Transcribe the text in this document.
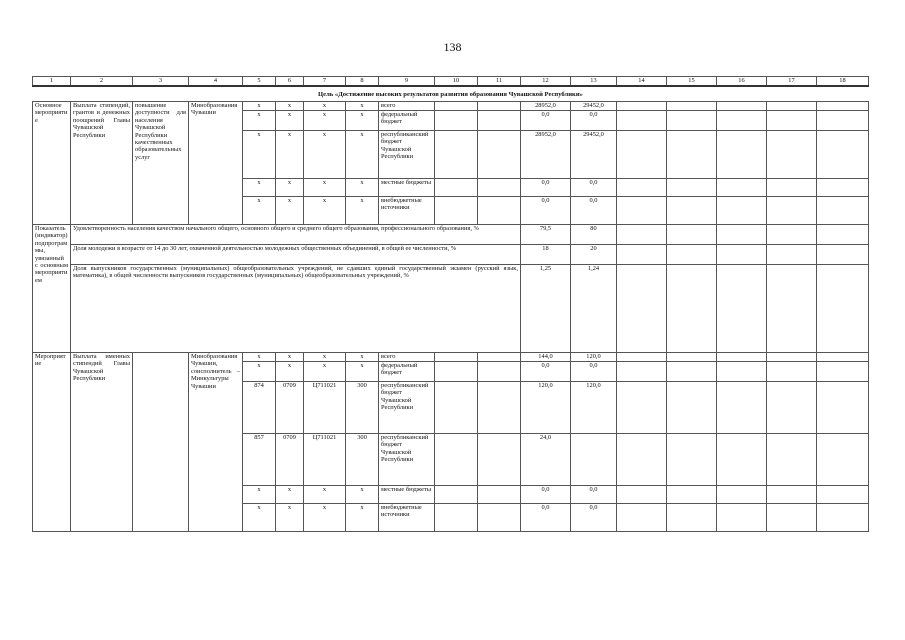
138
1	2	3	4	5	6	7	8	9	10	11	12	13	14	15	16	17	18
Цель «Достижение высоких результатов развития образования Чувашской Республики»																	
Основное мероприятие	Выплата стипендий, грантов и денежных поощрений Главы Чувашской Республики	повышение доступности для населения Чувашской Республики качественных образовательных услуг	Минобразования Чувашии	x	x	x	x	всего			28952,0	29452,0					
				x	x	x	x	федеральный бюджет			0,0	0,0					
				x	x	x	x	республиканский бюджет Чувашской Республики			28952,0	29452,0					
				x	x	x	x	местные бюджеты			0,0	0,0					
				x	x	x	x	внебюджетные источники			0,0	0,0					
Показатель (индикатор) подпрограммы, увязанный с основным мероприятием	Удовлетворенность населения качеством начального общего, основного общего и среднего общего образования, профессионального образования, %										79,5	80					
	Доля молодежи в возрасте от 14 до 30 лет, охваченной деятельностью молодежных общественных объединений, в общей ее численности, %										18	20					
	Доля выпускников государственных (муниципальных) общеобразовательных учреждений, не сдавших единый государственный экзамен (русский язык, математика), в общей численности выпускников государственных (муниципальных) общеобразовательных учреждений, %										1,25	1,24					
Мероприятие	Выплата именных стипендий Главы Чувашской Республики		Минобразования Чувашии, соисполнитель – Минкультуры Чувашии	x	x	x	x	всего			144,0	120,0					
				x	x	x	x	федеральный бюджет			0,0	0,0					
				874	0709	Ц711021	300	республиканский бюджет Чувашской Республики			120,0	120,0					
				857	0709	Ц711021	300	республиканский бюджет Чувашской Республики			24,0						
				x	x	x	x	местные бюджеты			0,0	0,0					
				x	x	x	x	внебюджетные источники			0,0	0,0					
